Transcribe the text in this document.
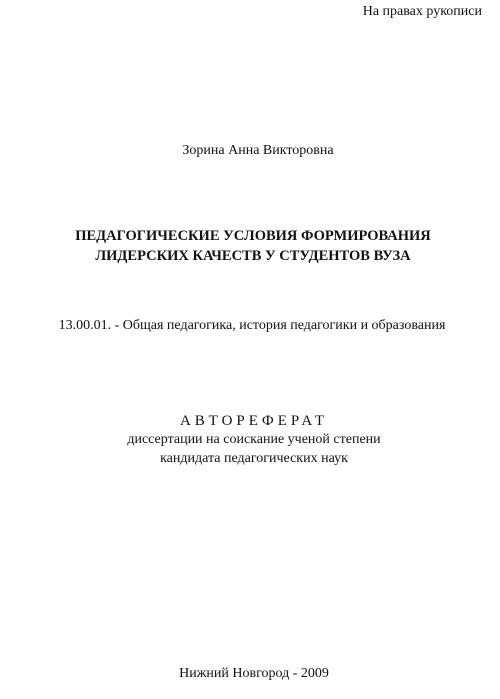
На правах рукописи
Зорина Анна Викторовна
ПЕДАГОГИЧЕСКИЕ УСЛОВИЯ ФОРМИРОВАНИЯ
ЛИДЕРСКИХ КАЧЕСТВ У СТУДЕНТОВ ВУЗА
13.00.01. - Общая педагогика, история педагогики и образования
АВТОРЕФЕРАТ
диссертации на соискание ученой степени
кандидата педагогических наук
Нижний Новгород - 2009
